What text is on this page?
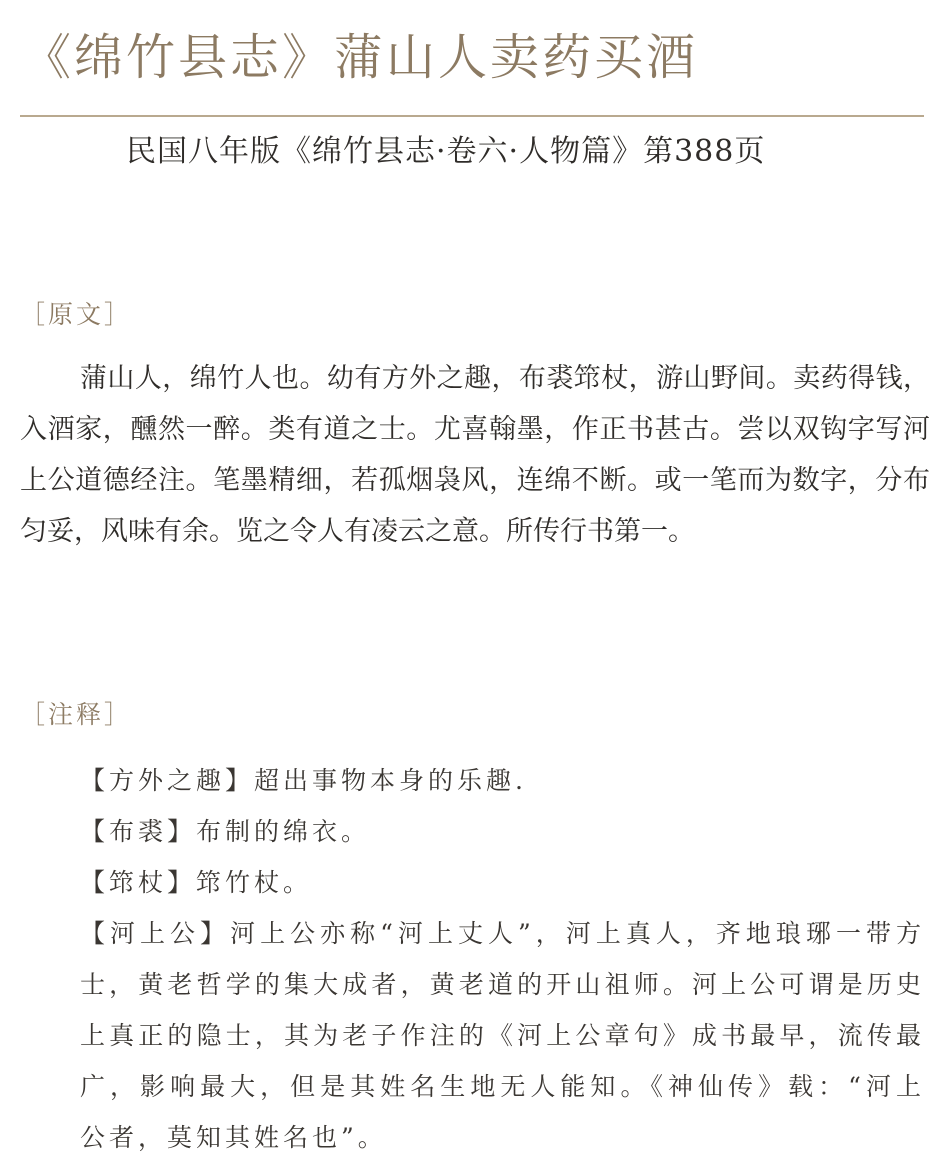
《绵竹县志》蒲山人卖药买酒
民国八年版《绵竹县志·卷六·人物篇》第388页
［原文］

蒲山人，绵竹人也。幼有方外之趣，布裘筇杖，游山野间。卖药得钱，入酒家，醺然一醉。类有道之士。尤喜翰墨，作正书甚古。尝以双钩字写河上公道德经注。笔墨精细，若孤烟袅风，连绵不断。或一笔而为数字，分布匀妥，风味有余。览之令人有凌云之意。所传行书第一。

［注释］
【方外之趣】超出事物本身的乐趣.
【布裘】布制的绵衣。
【筇杖】筇竹杖。
【河上公】河上公亦称“河上丈人”，河上真人，齐地琅琊一带方士，黄老哲学的集大成者，黄老道的开山祖师。河上公可谓是历史上真正的隐士，其为老子作注的《河上公章句》成书最早，流传最广，影响最大，但是其姓名生地无人能知。《神仙传》载：“河上公者，莫知其姓名也”。
